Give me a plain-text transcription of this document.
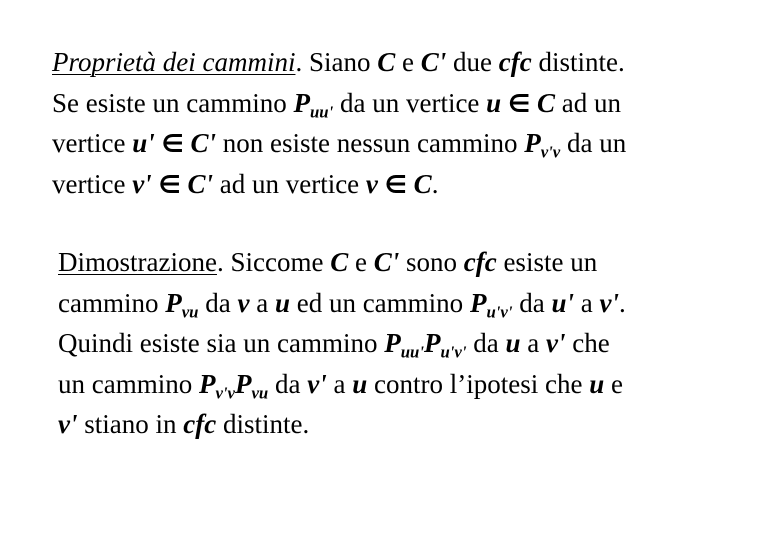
Proprietà dei cammini. Siano C e C' due cfc distinte.
Se esiste un cammino $P_{uu'}$ da un vertice u ∈ C ad un
vertice u' ∈ C' non esiste nessun cammino $P_{v'v}$ da un
vertice v' ∈ C' ad un vertice v ∈ C.
Dimostrazione. Siccome C e C' sono cfc esiste un
cammino $P_{vu}$ da v a u ed un cammino $P_{u'v'}$ da u' a v'.
Quindi esiste sia un cammino $P_{uu'}P_{u'v'}$ da u a v' che
un cammino $P_{v'v}P_{vu}$ da v' a u contro l’ipotesi che u e
v' stiano in cfc distinte.
